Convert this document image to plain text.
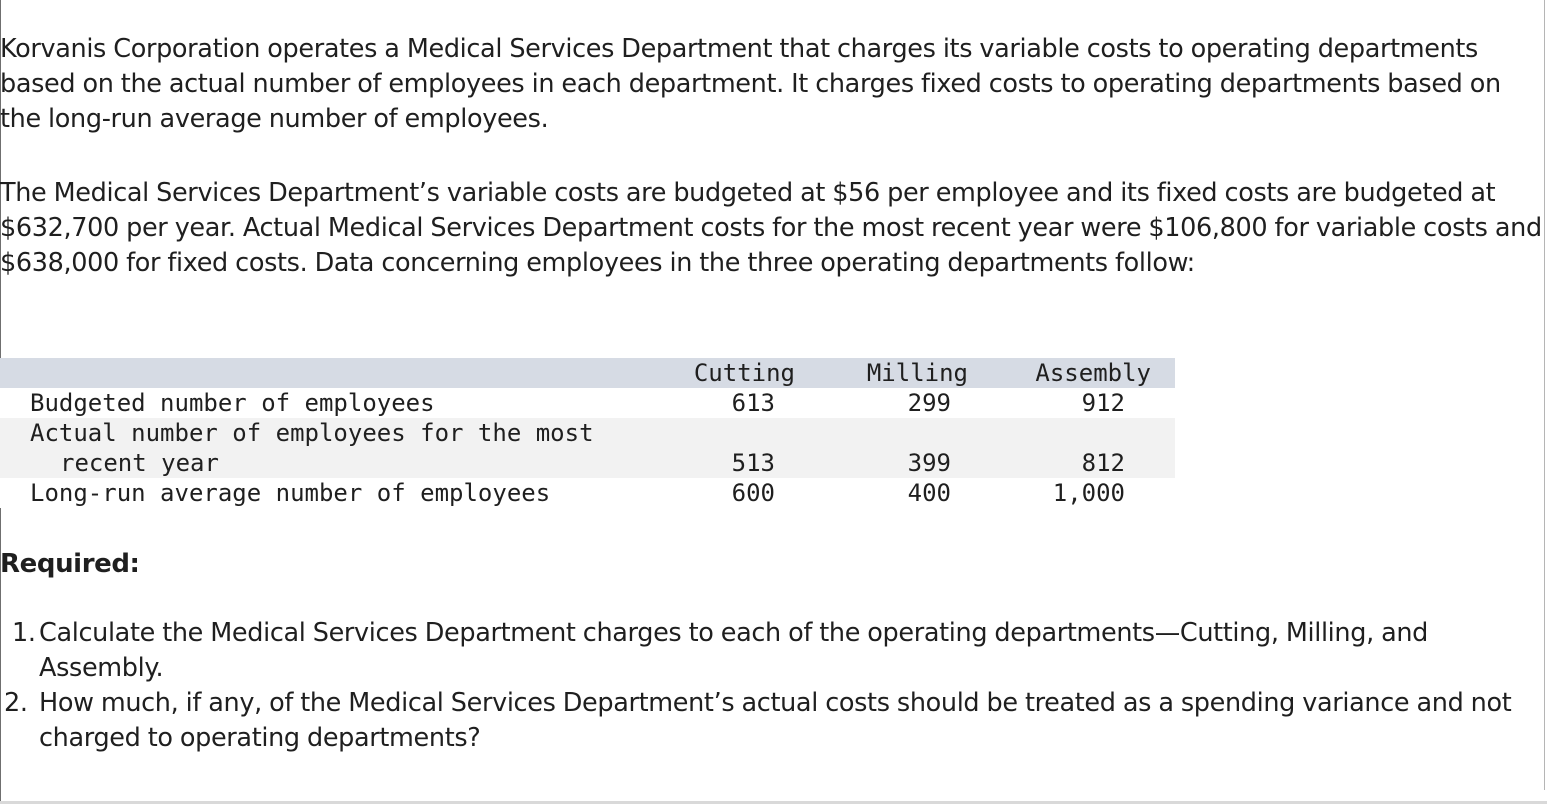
Korvanis Corporation operates a Medical Services Department that charges its variable costs to operating departments based on the actual number of employees in each department. It charges fixed costs to operating departments based on the long-run average number of employees.

The Medical Services Department’s variable costs are budgeted at $56 per employee and its fixed costs are budgeted at $632,700 per year. Actual Medical Services Department costs for the most recent year were $106,800 for variable costs and $638,000 for fixed costs. Data concerning employees in the three operating departments follow:

Cutting	Milling	Assembly
Budgeted number of employees	613	299	912
Actual number of employees for the most
recent year	513	399	812
Long-run average number of employees	600	400	1,000
Required:
1. Calculate the Medical Services Department charges to each of the operating departments—Cutting, Milling, and Assembly.
2. How much, if any, of the Medical Services Department’s actual costs should be treated as a spending variance and not charged to operating departments?
